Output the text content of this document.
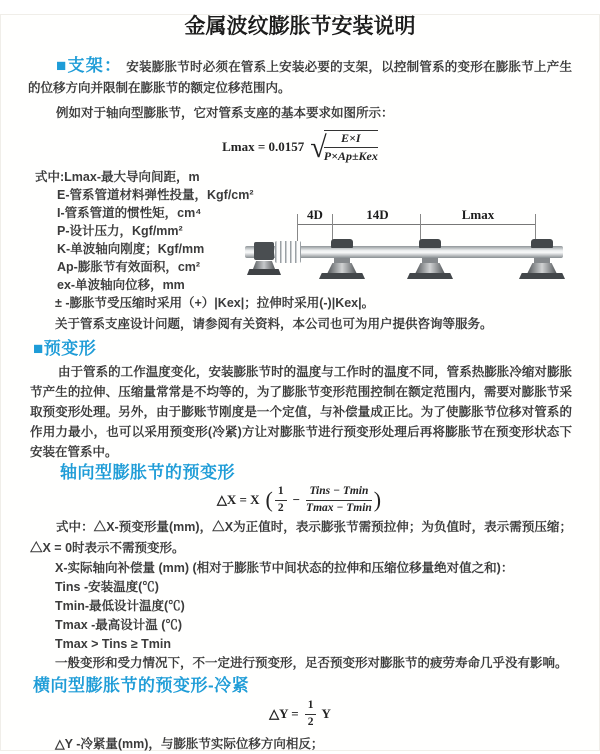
金属波纹膨胀节安装说明

■支架： 安装膨胀节时必须在管系上安装必要的支架，以控制管系的变形在膨胀节上产生的位移方向并限制在膨胀节的额定位移范围内。

例如对于轴向型膨胀节，它对管系支座的基本要求如图所示：

Lmax = 0.0157 √	E×I
P×Ap±Kex
式中:Lmax-最大导向间距，m
E-管系管道材料弹性投量，Kgf/cm²
I-管系管道的惯性矩，cm⁴
P-设计压力，Kgf/mm²
K-单波轴向刚度；Kgf/mm
Ap-膨胀节有效面积，cm²
ex-单波轴向位移，mm
± -膨胀节受压缩时采用（+）|Kex|；拉伸时采用(-)|Kex|。
关于管系支座设计问题，请参阅有关资料，本公司也可为用户提供咨询等服务。
4D	14D	Lmax
■预变形

由于管系的工作温度变化，安装膨胀节时的温度与工作时的温度不同，管系热膨胀冷缩对膨胀节产生的拉伸、压缩量常常是不均等的，为了膨胀节变形范围控制在额定范围内，需要对膨胀节采取预变形处理。另外，由于膨账节刚度是一个定值，与补偿量成正比。为了使膨胀节位移对管系的作用力最小，也可以采用预变形(冷紧)方让对膨胀节进行预变形处理后再将膨胀节在预变形状态下安装在管系中。

轴向型膨胀节的预变形
△X = X ( $\frac{1}{2} - \frac{\text{Tins − Tmin}}{Tmax - Tmin}$ )

式中：△X-预变形量(mm)，△X为正值时，表示膨张节需预拉伸；为负值时，表示需预压缩；△X = 0时表示不需预变形。

X-实际轴向补偿量 (mm) (相对于膨胀节中间状态的拉伸和压缩位移量绝对值之和)：
Tins -安装温度(℃)
Tmin-最低设计温度(℃)
Tmax -最高设计温 (℃)
Tmax > Tins ≥ Tmin
一般变形和受力情况下，不一定进行预变形，足否预变形对膨胀节的疲劳寿命几乎没有影响。
横向型膨胀节的预变形-冷紧
△Y = $\frac{1}{2}$ Y
△Y -冷紧量(mm)，与膨胀节实际位移方向相反；
